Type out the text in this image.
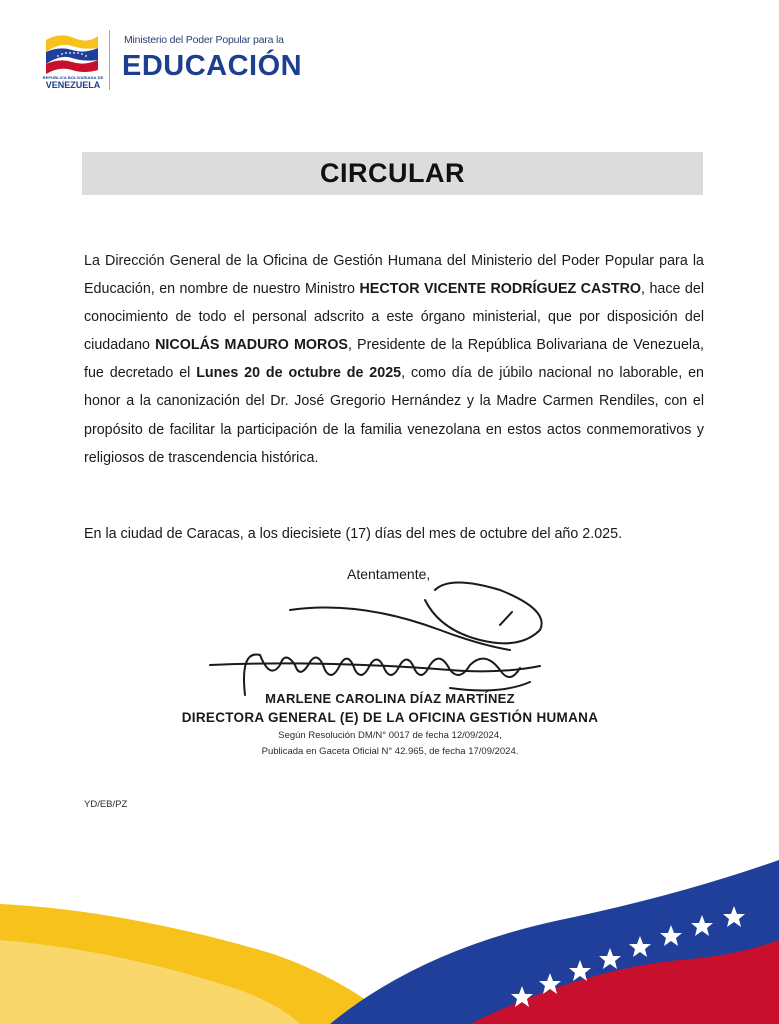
REPÚBLICA BOLIVARIANA DE
VENEZUELA
Ministerio del Poder Popular para la
EDUCACIÓN
CIRCULAR
La Dirección General de la Oficina de Gestión Humana del Ministerio del Poder Popular para la Educación, en nombre de nuestro Ministro HECTOR VICENTE RODRÍGUEZ CASTRO, hace del conocimiento de todo el personal adscrito a este órgano ministerial, que por disposición del ciudadano NICOLÁS MADURO MOROS, Presidente de la República Bolivariana de Venezuela, fue decretado el Lunes 20 de octubre de 2025, como día de júbilo nacional no laborable, en honor a la canonización del Dr. José Gregorio Hernández y la Madre Carmen Rendiles, con el propósito de facilitar la participación de la familia venezolana en estos actos conmemorativos y religiosos de trascendencia histórica.
En la ciudad de Caracas, a los diecisiete (17) días del mes de octubre del año 2.025.
Atentamente,
MARLENE CAROLINA DÍAZ MARTÍNEZ
DIRECTORA GENERAL (E) DE LA OFICINA GESTIÓN HUMANA
Según Resolución DM/N° 0017 de fecha 12/09/2024,
Publicada en Gaceta Oficial N° 42.965, de fecha 17/09/2024.
YD/EB/PZ
